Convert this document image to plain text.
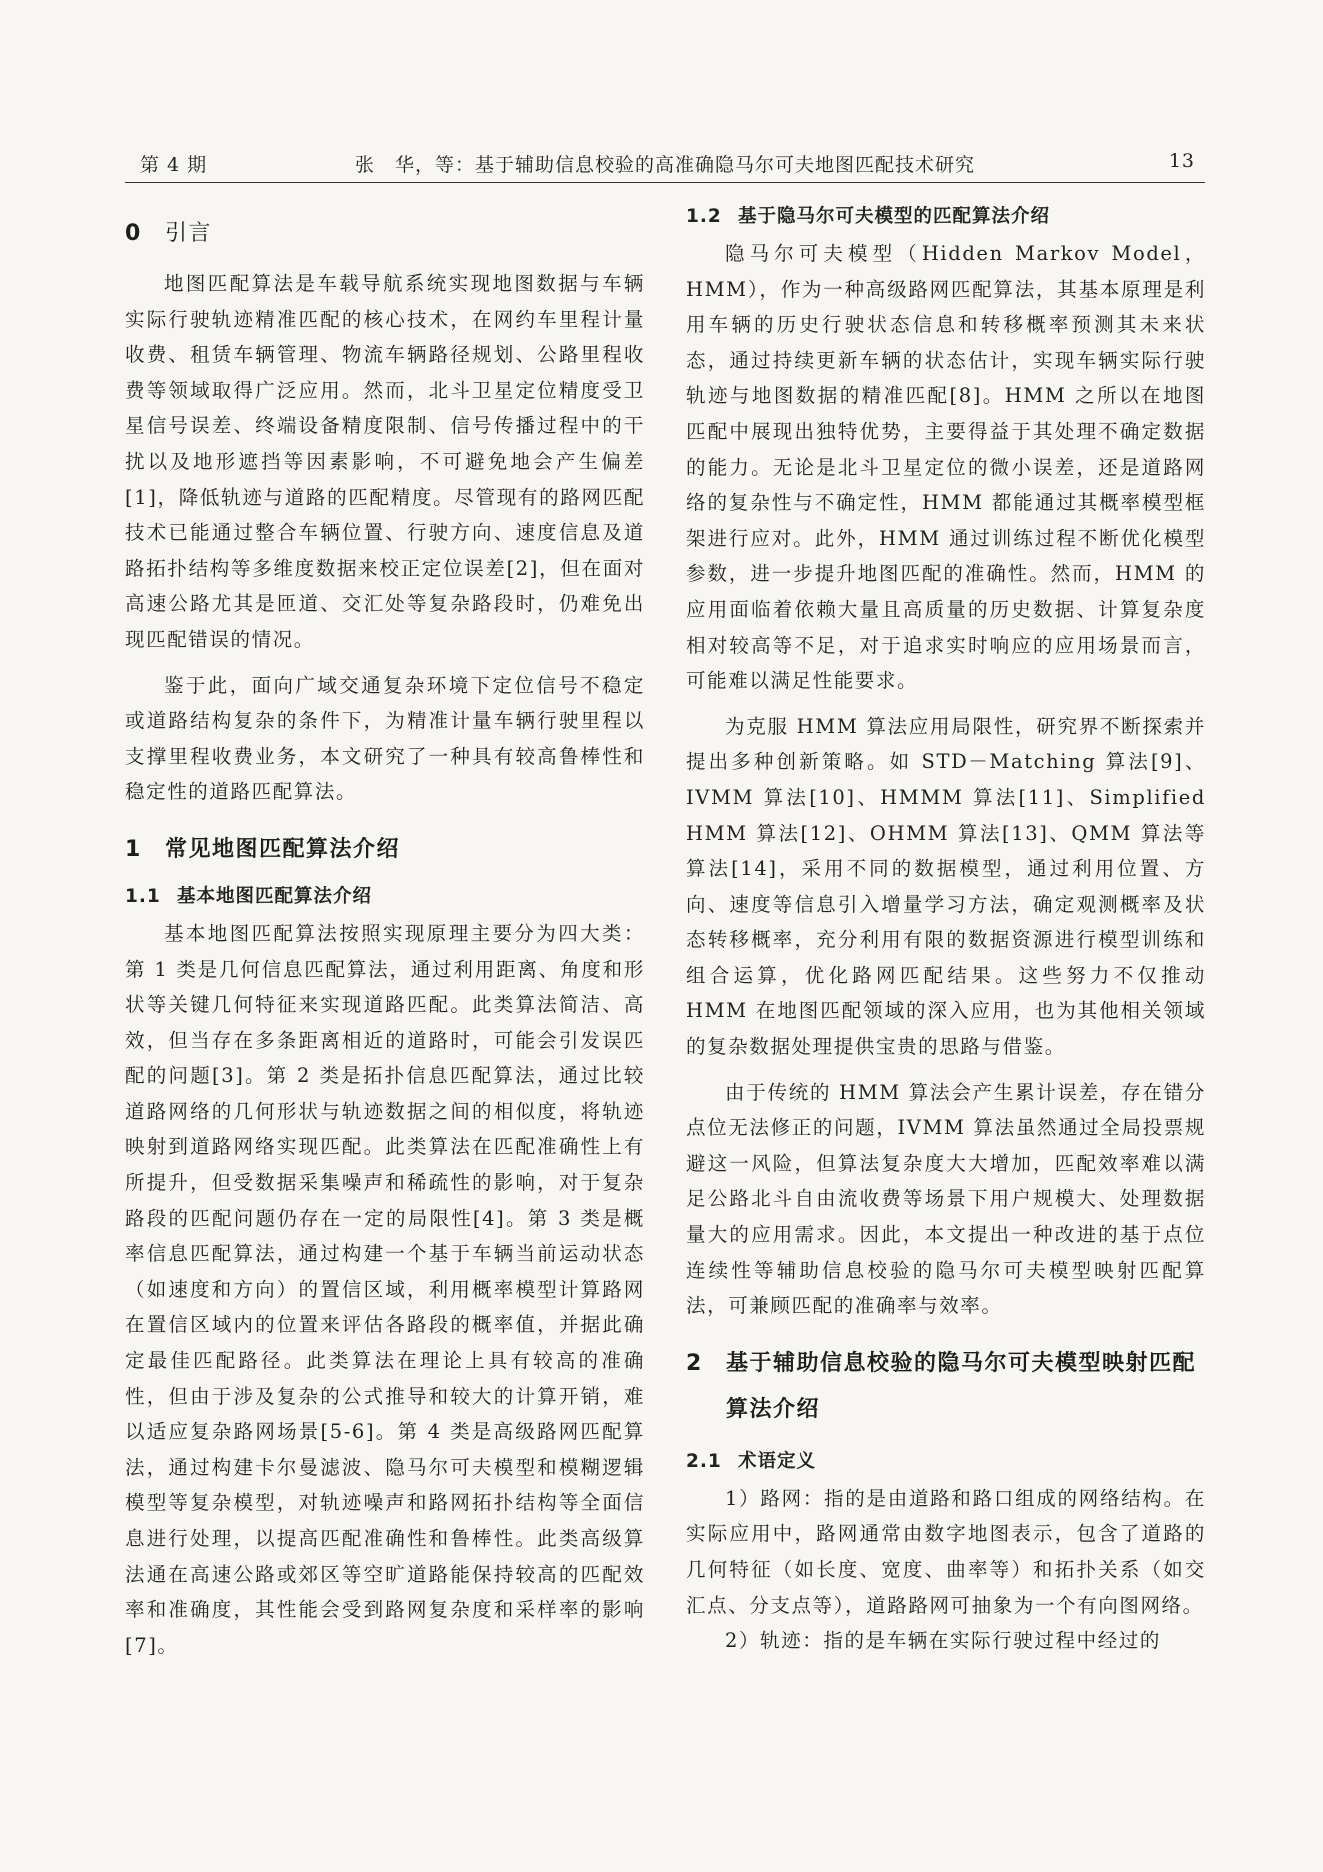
第 4 期	张　华，等：基于辅助信息校验的高准确隐马尔可夫地图匹配技术研究	13
0 引言

地图匹配算法是车载导航系统实现地图数据与车辆实际行驶轨迹精准匹配的核心技术，在网约车里程计量收费、租赁车辆管理、物流车辆路径规划、公路里程收费等领域取得广泛应用。然而，北斗卫星定位精度受卫星信号误差、终端设备精度限制、信号传播过程中的干扰以及地形遮挡等因素影响，不可避免地会产生偏差[1]，降低轨迹与道路的匹配精度。尽管现有的路网匹配技术已能通过整合车辆位置、行驶方向、速度信息及道路拓扑结构等多维度数据来校正定位误差[2]，但在面对高速公路尤其是匝道、交汇处等复杂路段时，仍难免出现匹配错误的情况。

鉴于此，面向广域交通复杂环境下定位信号不稳定或道路结构复杂的条件下，为精准计量车辆行驶里程以支撑里程收费业务，本文研究了一种具有较高鲁棒性和稳定性的道路匹配算法。

1 常见地图匹配算法介绍
1.1 基本地图匹配算法介绍

基本地图匹配算法按照实现原理主要分为四大类：第 1 类是几何信息匹配算法，通过利用距离、角度和形状等关键几何特征来实现道路匹配。此类算法简洁、高效，但当存在多条距离相近的道路时，可能会引发误匹配的问题[3]。第 2 类是拓扑信息匹配算法，通过比较道路网络的几何形状与轨迹数据之间的相似度，将轨迹映射到道路网络实现匹配。此类算法在匹配准确性上有所提升，但受数据采集噪声和稀疏性的影响，对于复杂路段的匹配问题仍存在一定的局限性[4]。第 3 类是概率信息匹配算法，通过构建一个基于车辆当前运动状态（如速度和方向）的置信区域，利用概率模型计算路网在置信区域内的位置来评估各路段的概率值，并据此确定最佳匹配路径。此类算法在理论上具有较高的准确性，但由于涉及复杂的公式推导和较大的计算开销，难以适应复杂路网场景[5-6]。第 4 类是高级路网匹配算法，通过构建卡尔曼滤波、隐马尔可夫模型和模糊逻辑模型等复杂模型，对轨迹噪声和路网拓扑结构等全面信息进行处理，以提高匹配准确性和鲁棒性。此类高级算法通在高速公路或郊区等空旷道路能保持较高的匹配效率和准确度，其性能会受到路网复杂度和采样率的影响[7]。

1.2 基于隐马尔可夫模型的匹配算法介绍

隐马尔可夫模型（Hidden Markov Model，HMM），作为一种高级路网匹配算法，其基本原理是利用车辆的历史行驶状态信息和转移概率预测其未来状态，通过持续更新车辆的状态估计，实现车辆实际行驶轨迹与地图数据的精准匹配[8]。HMM 之所以在地图匹配中展现出独特优势，主要得益于其处理不确定数据的能力。无论是北斗卫星定位的微小误差，还是道路网络的复杂性与不确定性，HMM 都能通过其概率模型框架进行应对。此外，HMM 通过训练过程不断优化模型参数，进一步提升地图匹配的准确性。然而，HMM 的应用面临着依赖大量且高质量的历史数据、计算复杂度相对较高等不足，对于追求实时响应的应用场景而言，可能难以满足性能要求。

为克服 HMM 算法应用局限性，研究界不断探索并提出多种创新策略。如 STD－Matching 算法[9]、IVMM 算法[10]、HMMM 算法[11]、Simplified HMM 算法[12]、OHMM 算法[13]、QMM 算法等算法[14]，采用不同的数据模型，通过利用位置、方向、速度等信息引入增量学习方法，确定观测概率及状态转移概率，充分利用有限的数据资源进行模型训练和组合运算，优化路网匹配结果。这些努力不仅推动 HMM 在地图匹配领域的深入应用，也为其他相关领域的复杂数据处理提供宝贵的思路与借鉴。

由于传统的 HMM 算法会产生累计误差，存在错分点位无法修正的问题，IVMM 算法虽然通过全局投票规避这一风险，但算法复杂度大大增加，匹配效率难以满足公路北斗自由流收费等场景下用户规模大、处理数据量大的应用需求。因此，本文提出一种改进的基于点位连续性等辅助信息校验的隐马尔可夫模型映射匹配算法，可兼顾匹配的准确率与效率。

2	基于辅助信息校验的隐马尔可夫模型映射匹配算法介绍
2.1 术语定义

1）路网：指的是由道路和路口组成的网络结构。在实际应用中，路网通常由数字地图表示，包含了道路的几何特征（如长度、宽度、曲率等）和拓扑关系（如交汇点、分支点等），道路路网可抽象为一个有向图网络。

2）轨迹：指的是车辆在实际行驶过程中经过的
